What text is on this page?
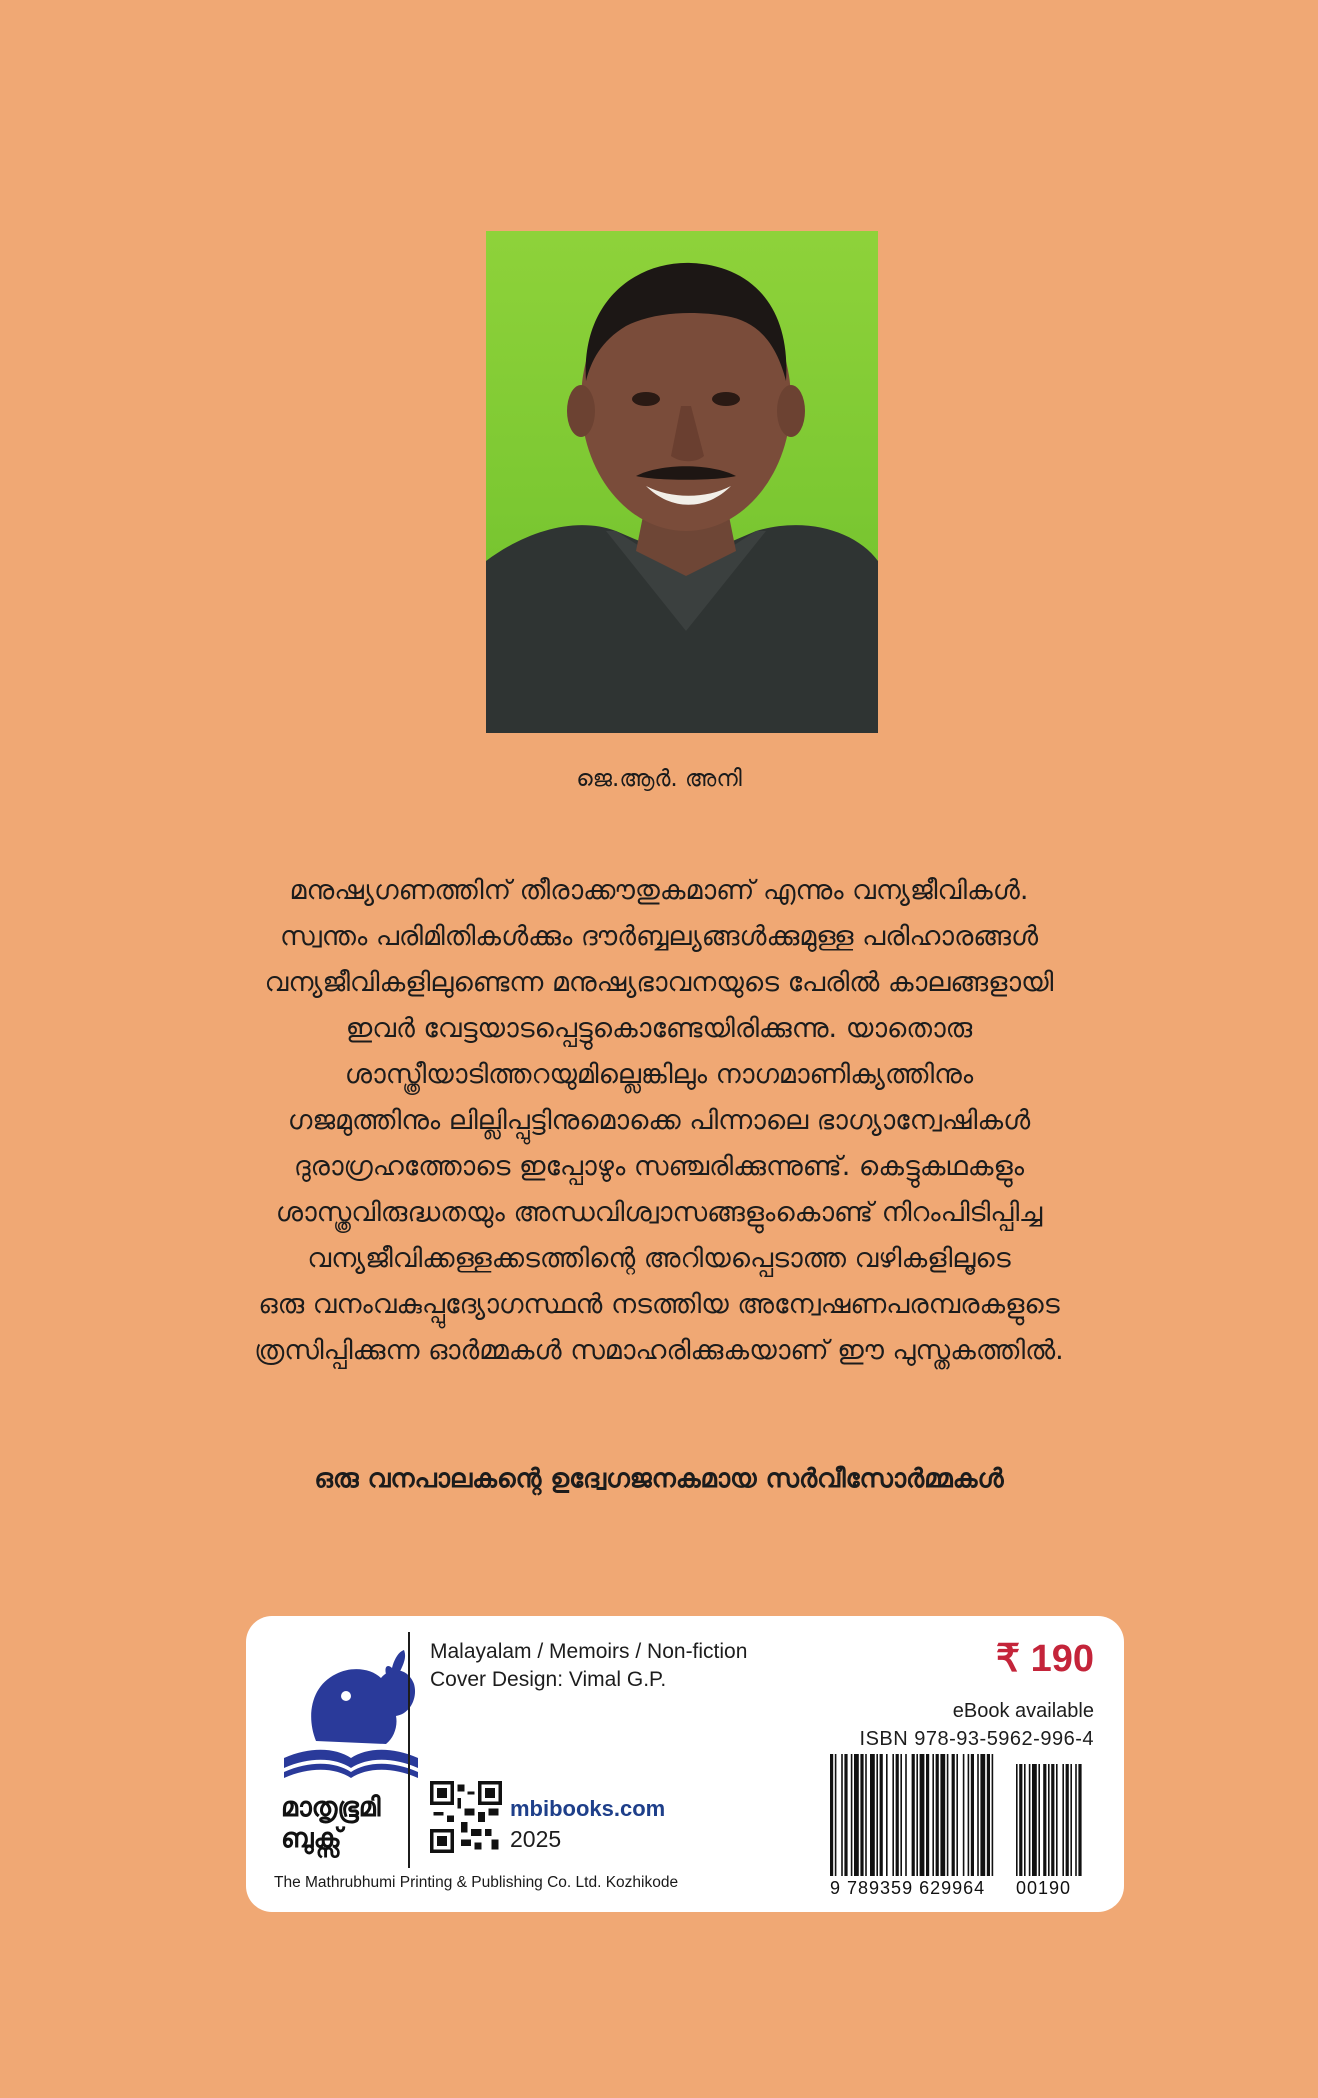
ജെ.ആർ. അനി
മനുഷ്യഗണത്തിന് തീരാക്കൗതുകമാണ് എന്നും വന്യജീവികൾ.
സ്വന്തം പരിമിതികൾക്കും ദൗർബ്ബല്യങ്ങൾക്കുമുള്ള പരിഹാരങ്ങൾ
വന്യജീവികളിലുണ്ടെന്ന മനുഷ്യഭാവനയുടെ പേരിൽ കാലങ്ങളായി
ഇവർ വേട്ടയാടപ്പെട്ടുകൊണ്ടേയിരിക്കുന്നു. യാതൊരു
ശാസ്ത്രീയാടിത്തറയുമില്ലെങ്കിലും നാഗമാണിക്യത്തിനും
ഗജമുത്തിനും ലില്ലിപ്പുട്ടിനുമൊക്കെ പിന്നാലെ ഭാഗ്യാന്വേഷികൾ
ദുരാഗ്രഹത്തോടെ ഇപ്പോഴും സഞ്ചരിക്കുന്നുണ്ട്. കെട്ടുകഥകളും
ശാസ്ത്രവിരുദ്ധതയും അന്ധവിശ്വാസങ്ങളുംകൊണ്ട് നിറംപിടിപ്പിച്ച
വന്യജീവിക്കള്ളക്കടത്തിന്റെ അറിയപ്പെടാത്ത വഴികളിലൂടെ
ഒരു വനംവകുപ്പുദ്യോഗസ്ഥൻ നടത്തിയ അന്വേഷണപരമ്പരകളുടെ
ത്രസിപ്പിക്കുന്ന ഓർമ്മകൾ സമാഹരിക്കുകയാണ് ഈ പുസ്തകത്തിൽ.
ഒരു വനപാലകന്റെ ഉദ്വേഗജനകമായ സർവീസോർമ്മകൾ
മാതൃഭൂമി
ബുക്സ്
The Mathrubhumi Printing & Publishing Co. Ltd. Kozhikode
Malayalam / Memoirs / Non-fiction
Cover Design: Vimal G.P.
mbibooks.com
2025
₹ 190
eBook available
ISBN 978-93-5962-996-4
9 789359 629964 00190
